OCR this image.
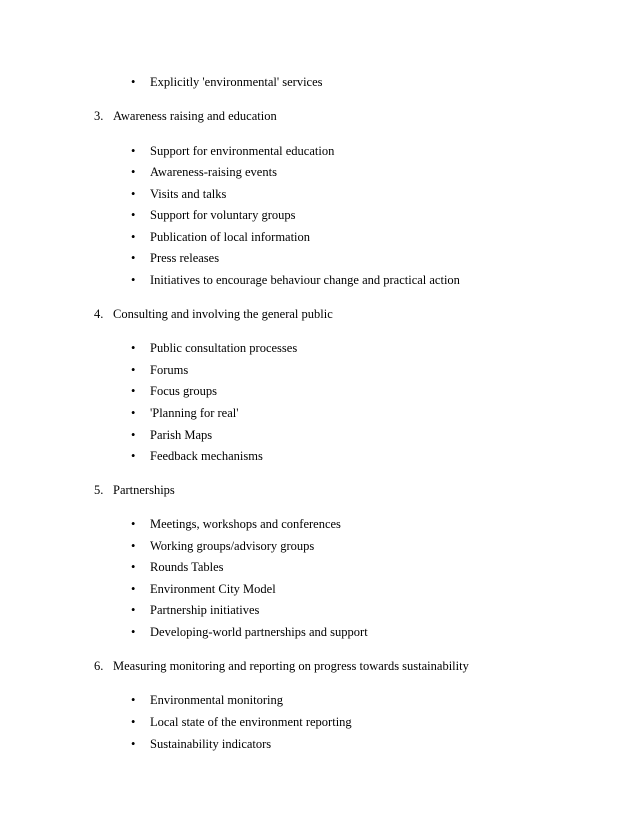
• Explicitly 'environmental' services
3. Awareness raising and education
• Support for environmental education
• Awareness-raising events
• Visits and talks
• Support for voluntary groups
• Publication of local information
• Press releases
• Initiatives to encourage behaviour change and practical action
4. Consulting and involving the general public
• Public consultation processes
• Forums
• Focus groups
• 'Planning for real'
• Parish Maps
• Feedback mechanisms
5. Partnerships
• Meetings, workshops and conferences
• Working groups/advisory groups
• Rounds Tables
• Environment City Model
• Partnership initiatives
• Developing-world partnerships and support
6. Measuring monitoring and reporting on progress towards sustainability
• Environmental monitoring
• Local state of the environment reporting
• Sustainability indicators
